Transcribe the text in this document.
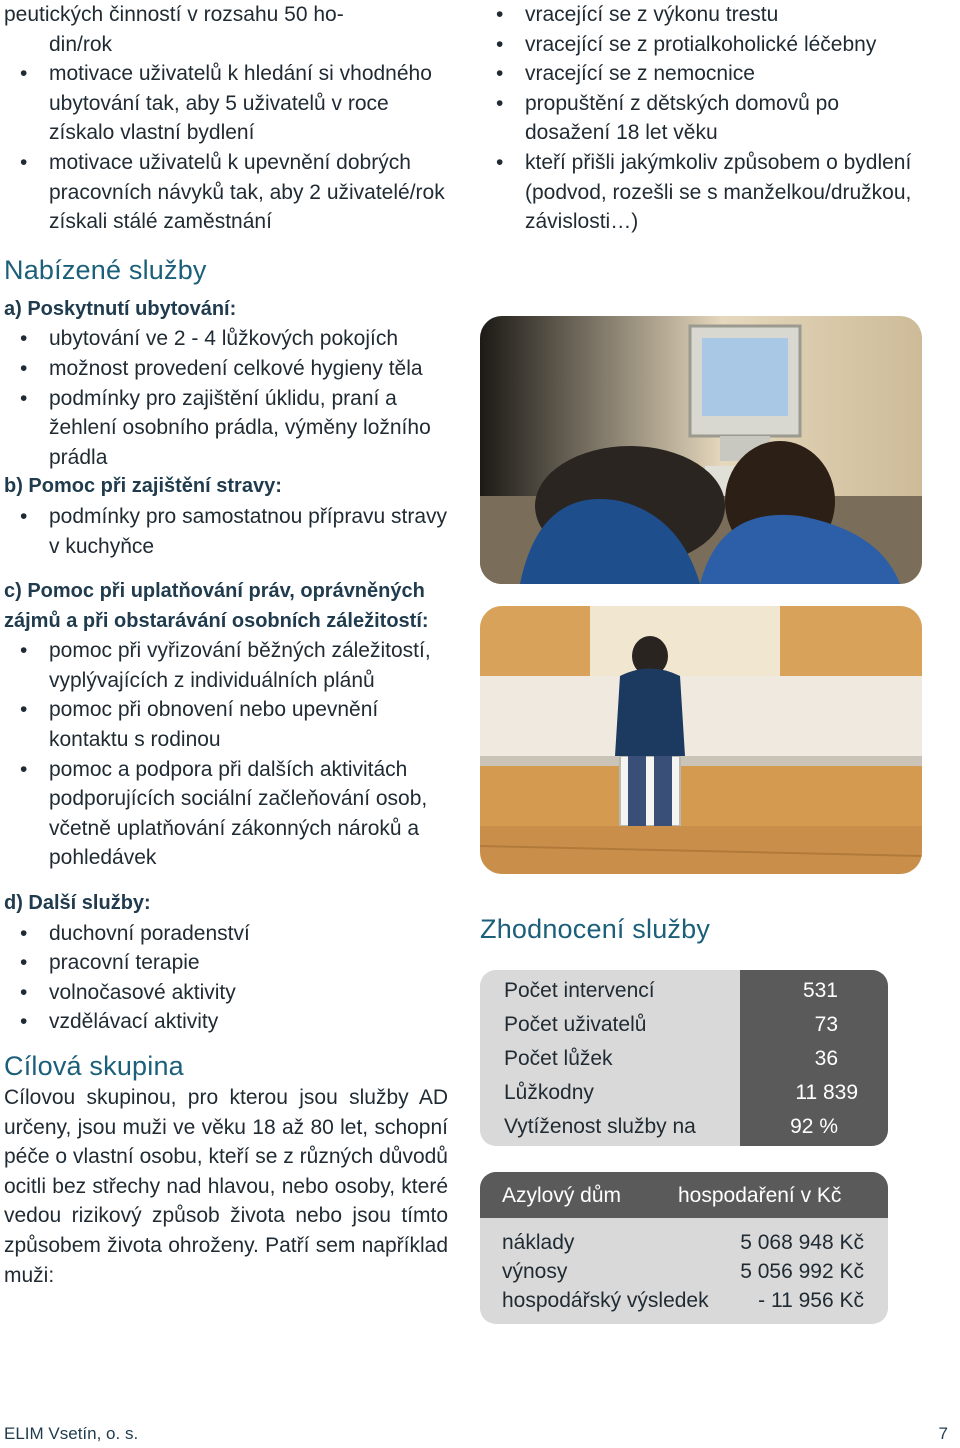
peutických činností v rozsahu 50 ho-

din/rok

• motivace uživatelů k hledání si vhodného ubytování tak, aby 5 uživatelů v roce získalo vlastní bydlení
• motivace uživatelů k upevnění dobrých pracovních návyků tak, aby 2 uživatelé/rok získali stálé zaměstnání
Nabízené služby
a) Poskytnutí ubytování:
• ubytování ve 2 - 4 lůžkových pokojích
• možnost provedení celkové hygieny těla
• podmínky pro zajištění úklidu, praní a žehlení osobního prádla, výměny ložního prádla
b) Pomoc při zajištění stravy:
• podmínky pro samostatnou přípravu stravy v kuchyňce
c) Pomoc při uplatňování práv, oprávněných zájmů a při obstarávání osobních záležitostí:
• pomoc při vyřizování běžných záležitostí, vyplývajících z individuálních plánů
• pomoc při obnovení nebo upevnění kontaktu s rodinou
• pomoc a podpora při dalších aktivitách podporujících sociální začleňování osob, včetně uplatňování zákonných nároků a pohledávek
d) Další služby:
• duchovní poradenství
• pracovní terapie
• volnočasové aktivity
• vzdělávací aktivity
Cílová skupina

Cílovou skupinou, pro kterou jsou služby AD určeny, jsou muži ve věku 18 až 80 let, schopní péče o vlastní osobu, kteří se z různých důvodů ocitli bez střechy nad hlavou, nebo osoby, které vedou rizikový způsob života nebo jsou tímto způsobem života ohroženy. Patří sem například muži:

• vracející se z výkonu trestu
• vracející se z protialkoholické léčebny
• vracející se z nemocnice
• propuštění z dětských domovů po dosažení 18 let věku
• kteří přišli jakýmkoliv způsobem o bydlení (podvod, rozešli se s manželkou/družkou, závislosti…)
Zhodnocení služby
Počet intervencí	531
Počet uživatelů	73
Počet lůžek	36
Lůžkodny	11 839
Vytíženost služby na	92 %
Azylový dům	hospodaření v Kč
náklady	5 068 948 Kč
výnosy	5 056 992 Kč
hospodářský výsledek	- 11 956 Kč
ELIM Vsetín, o. s.	7
